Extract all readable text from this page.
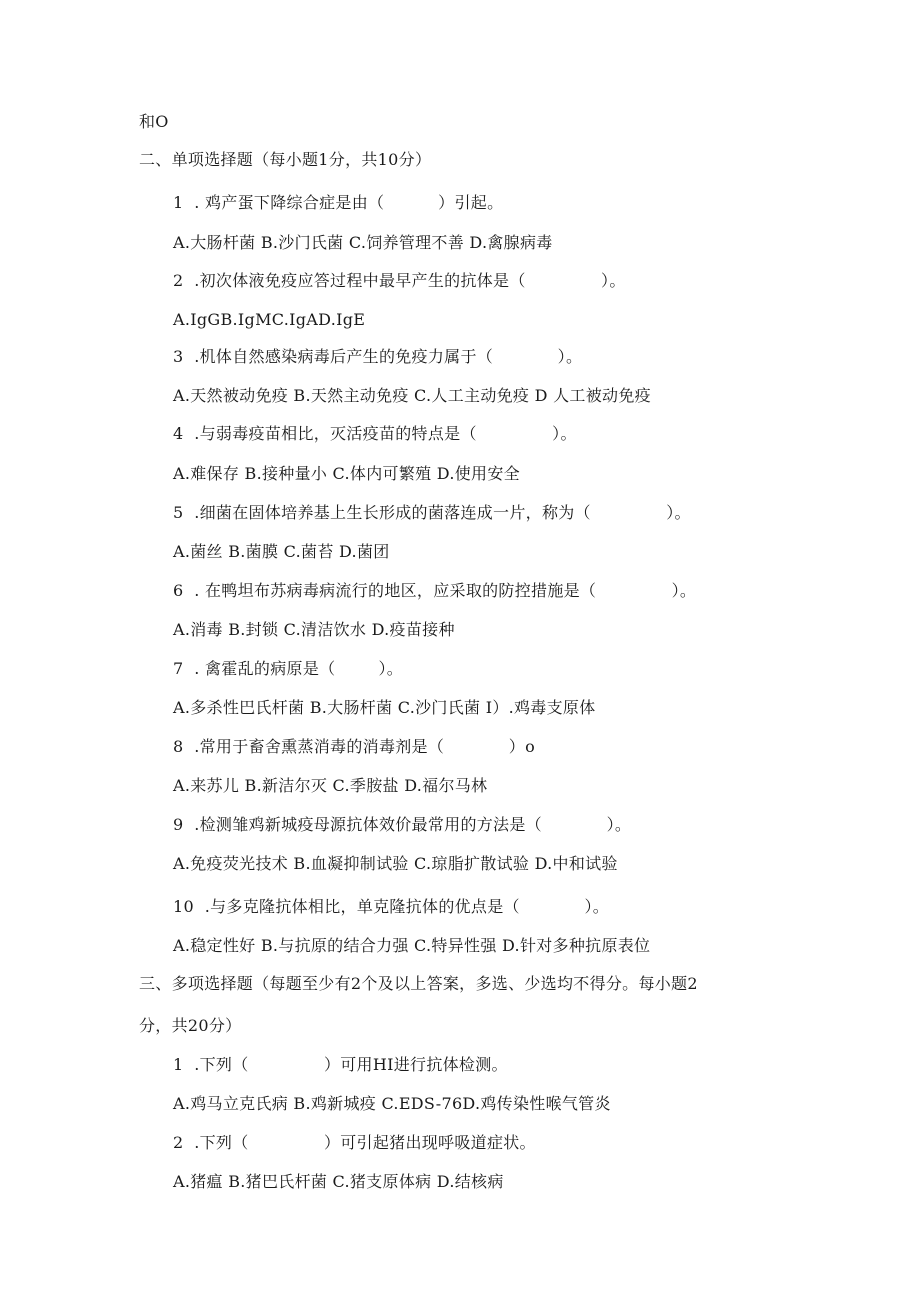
和O
二、单项选择题（每小题1分，共10分）
1  . 鸡产蛋下降综合症是由（          ）引起。
A.大肠杆菌 B.沙门氏菌 C.饲养管理不善 D.禽腺病毒
2  .初次体液免疫应答过程中最早产生的抗体是（              ）。
A.IgGB.IgMC.IgAD.IgE
3  .机体自然感染病毒后产生的免疫力属于（            ）。
A.天然被动免疫 B.天然主动免疫 C.人工主动免疫 D 人工被动免疫
4  .与弱毒疫苗相比，灭活疫苗的特点是（              ）。
A.难保存 B.接种量小 C.体内可繁殖 D.使用安全
5  .细菌在固体培养基上生长形成的菌落连成一片，称为（              ）。
A.菌丝 B.菌膜 C.菌苔 D.菌团
6  . 在鸭坦布苏病毒病流行的地区，应采取的防控措施是（              ）。
A.消毒 B.封锁 C.清洁饮水 D.疫苗接种
7  . 禽霍乱的病原是（        ）。
A.多杀性巴氏杆菌 B.大肠杆菌 C.沙门氏菌 I）.鸡毒支原体
8  .常用于畜舍熏蒸消毒的消毒剂是（            ）o
A.来苏儿 B.新洁尔灭 C.季胺盐 D.福尔马林
9  .检测雏鸡新城疫母源抗体效价最常用的方法是（            ）。
A.免疫荧光技术 B.血凝抑制试验 C.琼脂扩散试验 D.中和试验
10  .与多克隆抗体相比，单克隆抗体的优点是（            ）。
A.稳定性好 B.与抗原的结合力强 C.特异性强 D.针对多种抗原表位
三、多项选择题（每题至少有2个及以上答案，多选、少选均不得分。每小题2
分，共20分）
1  .下列（              ）可用HI进行抗体检测。
A.鸡马立克氏病 B.鸡新城疫 C.EDS-76D.鸡传染性喉气管炎
2  .下列（              ）可引起猪出现呼吸道症状。
A.猪瘟 B.猪巴氏杆菌 C.猪支原体病 D.结核病
